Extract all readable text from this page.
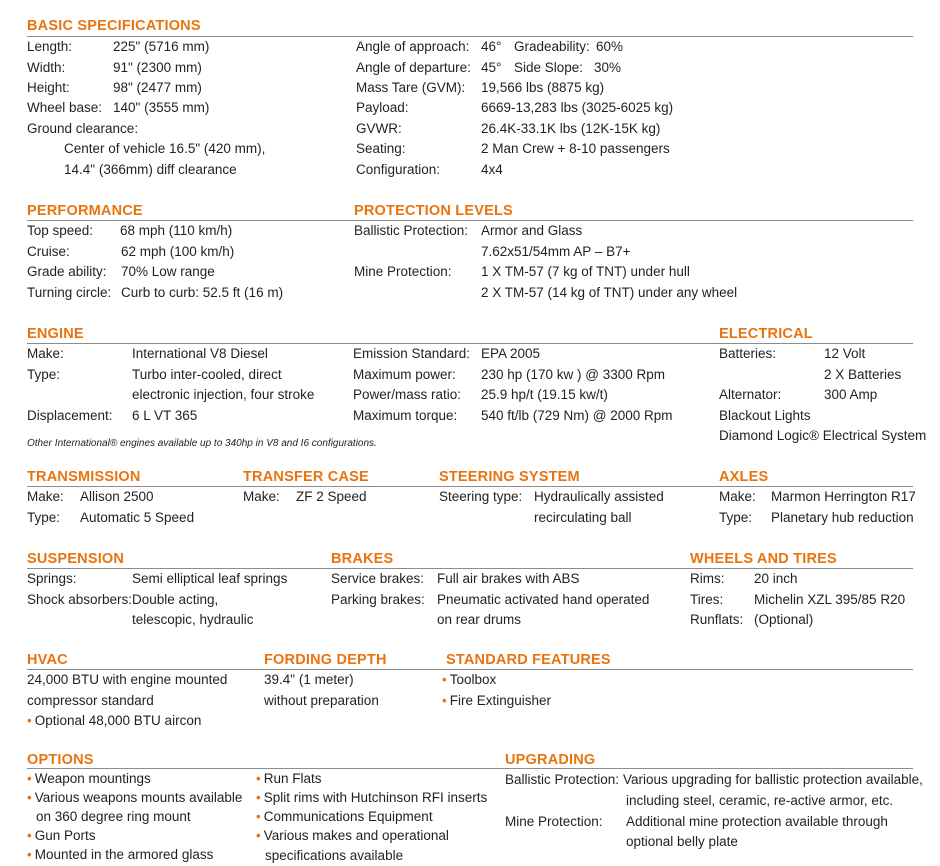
BASIC SPECIFICATIONS
Length:	225" (5716 mm)
Width:	91" (2300 mm)
Height:	98" (2477 mm)
Wheel base: 140" (3555 mm)
Ground clearance:
Center of vehicle 16.5" (420 mm),
14.4" (366mm) diff clearance
Angle of approach: 46° Gradeability: 60%
Angle of departure: 45° Side Slope: 30%
Mass Tare (GVM): 19,566 lbs (8875 kg)
Payload:	6669-13,283 lbs (3025-6025 kg)
GVWR:	26.4K-33.1K lbs (12K-15K kg)
Seating:	2 Man Crew + 8-10 passengers
Configuration:	4x4
PERFORMANCE	PROTECTION LEVELS
Top speed: 68 mph (110 km/h)
Cruise:	62 mph (100 km/h)
Grade ability: 70% Low range
Turning circle: Curb to curb: 52.5 ft (16 m)
Ballistic Protection: Armor and Glass
7.62x51/54mm AP – B7+
Mine Protection: 1 X TM-57 (7 kg of TNT) under hull
2 X TM-57 (14 kg of TNT) under any wheel
ENGINE	ELECTRICAL
Make:	International V8 Diesel
Type:	Turbo inter-cooled, direct
electronic injection, four stroke
Displacement: 6 L VT 365
Emission Standard: EPA 2005
Maximum power: 230 hp (170 kw ) @ 3300 Rpm
Power/mass ratio: 25.9 hp/t (19.15 kw/t)
Maximum torque: 540 ft/lb (729 Nm) @ 2000 Rpm
Other International® engines available up to 340hp in V8 and I6 configurations.
Batteries:	12 Volt
2 X Batteries
Alternator:	300 Amp
Blackout Lights
Diamond Logic® Electrical System
TRANSMISSION	TRANSFER CASE	STEERING SYSTEM	AXLES
Make: Allison 2500
Type: Automatic 5 Speed
Make: ZF 2 Speed	Steering type: Hydraulically assisted
recirculating ball
Make: Marmon Herrington R17
Type: Planetary hub reduction
SUSPENSION	BRAKES	WHEELS AND TIRES
Springs:	Semi elliptical leaf springs
Shock absorbers: Double acting,
telescopic, hydraulic
Service brakes: Full air brakes with ABS
Parking brakes: Pneumatic activated hand operated
on rear drums
Rims: 20 inch
Tires: Michelin XZL 395/85 R20
Runflats: (Optional)
HVAC	FORDING DEPTH	STANDARD FEATURES
24,000 BTU with engine mounted
compressor standard
• Optional 48,000 BTU aircon
39.4" (1 meter)
without preparation
• Toolbox
• Fire Extinguisher
OPTIONS	UPGRADING
• Weapon mountings
• Various weapons mounts available
on 360 degree ring mount
• Gun Ports
• Mounted in the armored glass
• Run Flats
• Split rims with Hutchinson RFI inserts
• Communications Equipment
• Various makes and operational
specifications available
Ballistic Protection: Various upgrading for ballistic protection available,
including steel, ceramic, re-active armor, etc.
Mine Protection: Additional mine protection available through
optional belly plate
